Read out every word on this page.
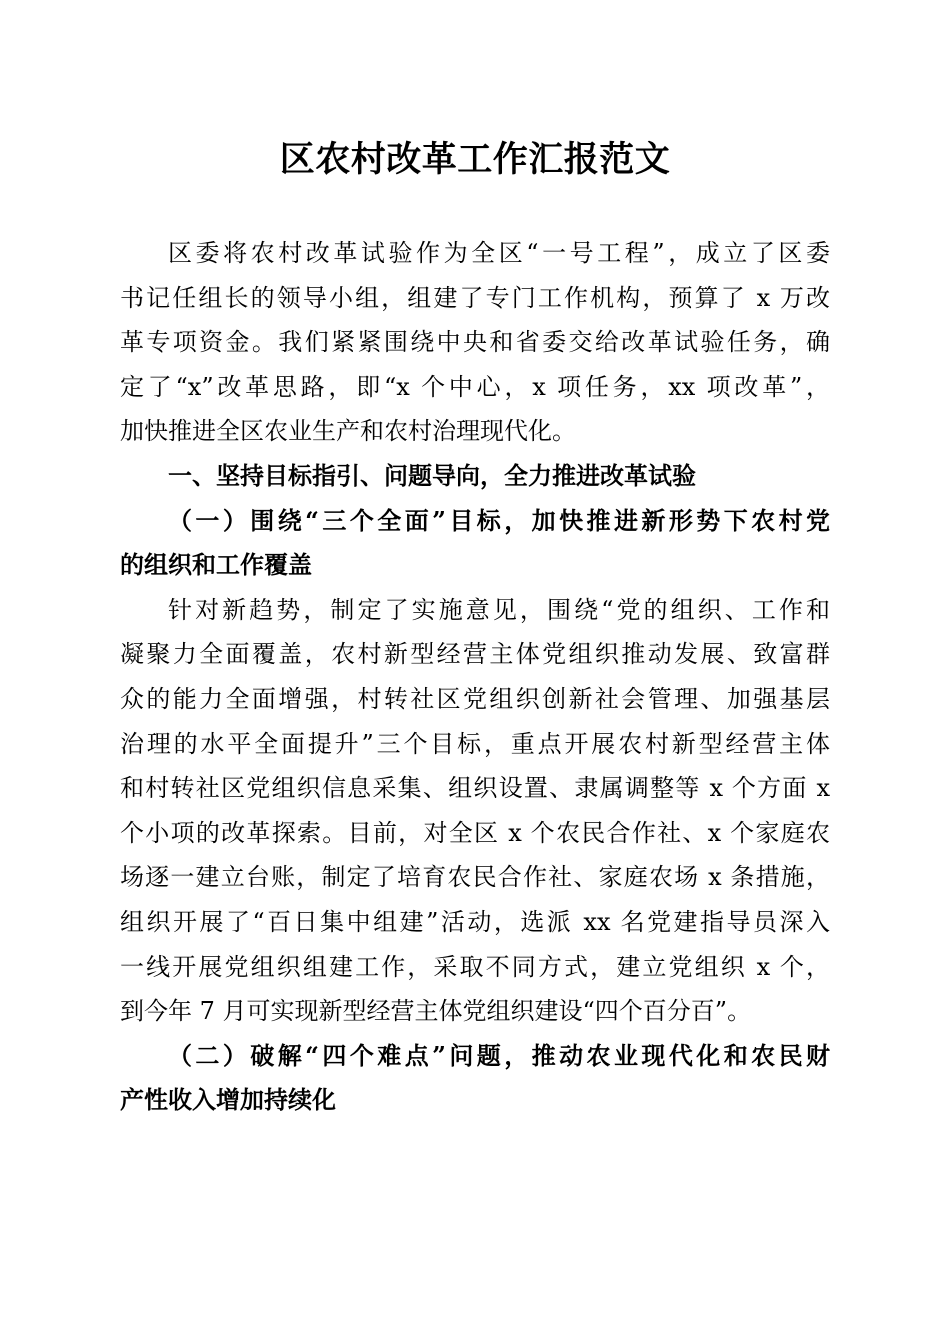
区农村改革工作汇报范文
区委将农村改革试验作为全区“一号工程”，成立了区委
书记任组长的领导小组，组建了专门工作机构，预算了 x 万改
革专项资金。我们紧紧围绕中央和省委交给改革试验任务，确
定了“x”改革思路，即“x 个中心，x 项任务，xx 项改革”，
加快推进全区农业生产和农村治理现代化。
一、坚持目标指引、问题导向，全力推进改革试验
（一）围绕“三个全面”目标，加快推进新形势下农村党
的组织和工作覆盖
针对新趋势，制定了实施意见，围绕“党的组织、工作和
凝聚力全面覆盖，农村新型经营主体党组织推动发展、致富群
众的能力全面增强，村转社区党组织创新社会管理、加强基层
治理的水平全面提升”三个目标，重点开展农村新型经营主体
和村转社区党组织信息采集、组织设置、隶属调整等 x 个方面 x
个小项的改革探索。目前，对全区 x 个农民合作社、x 个家庭农
场逐一建立台账，制定了培育农民合作社、家庭农场 x 条措施，
组织开展了“百日集中组建”活动，选派 xx 名党建指导员深入
一线开展党组织组建工作，采取不同方式，建立党组织 x 个，
到今年 7 月可实现新型经营主体党组织建设“四个百分百”。
（二）破解“四个难点”问题，推动农业现代化和农民财
产性收入增加持续化
